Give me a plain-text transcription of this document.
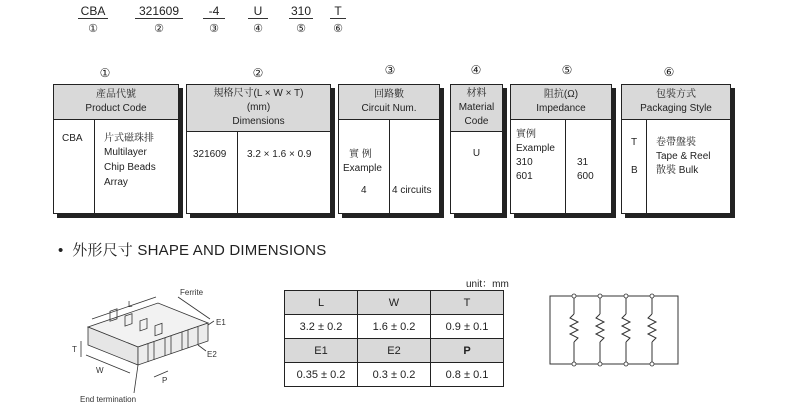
CBA	321609	-4	U	310	T
①	②	③	④	⑤	⑥
①	②	③	④	⑤	⑥
產品代號
Product Code
CBA 片式磁珠排
Multilayer
Chip Beads
Array
規格尺寸(L × W × T)
(mm)
Dimensions
321609 3.2 × 1.6 × 0.9
回路數
Circuit Num.
實 例
Example
4	4 circuits
材料
Material
Code
U
阻抗(Ω)
Impedance
實例
Example
310	31
601	600
包裝方式
Packaging Style
T 卷帶盤裝
Tape & Reel
B 散裝 Bulk
• 外形尺寸 SHAPE AND DIMENSIONS
Ferrite
L
T
W
P
E1
E2
End termination
unit：mm
L	W	T
3.2 ± 0.2	1.6 ± 0.2	0.9 ± 0.1
E1	E2	P
0.35 ± 0.2	0.3 ± 0.2	0.8 ± 0.1
